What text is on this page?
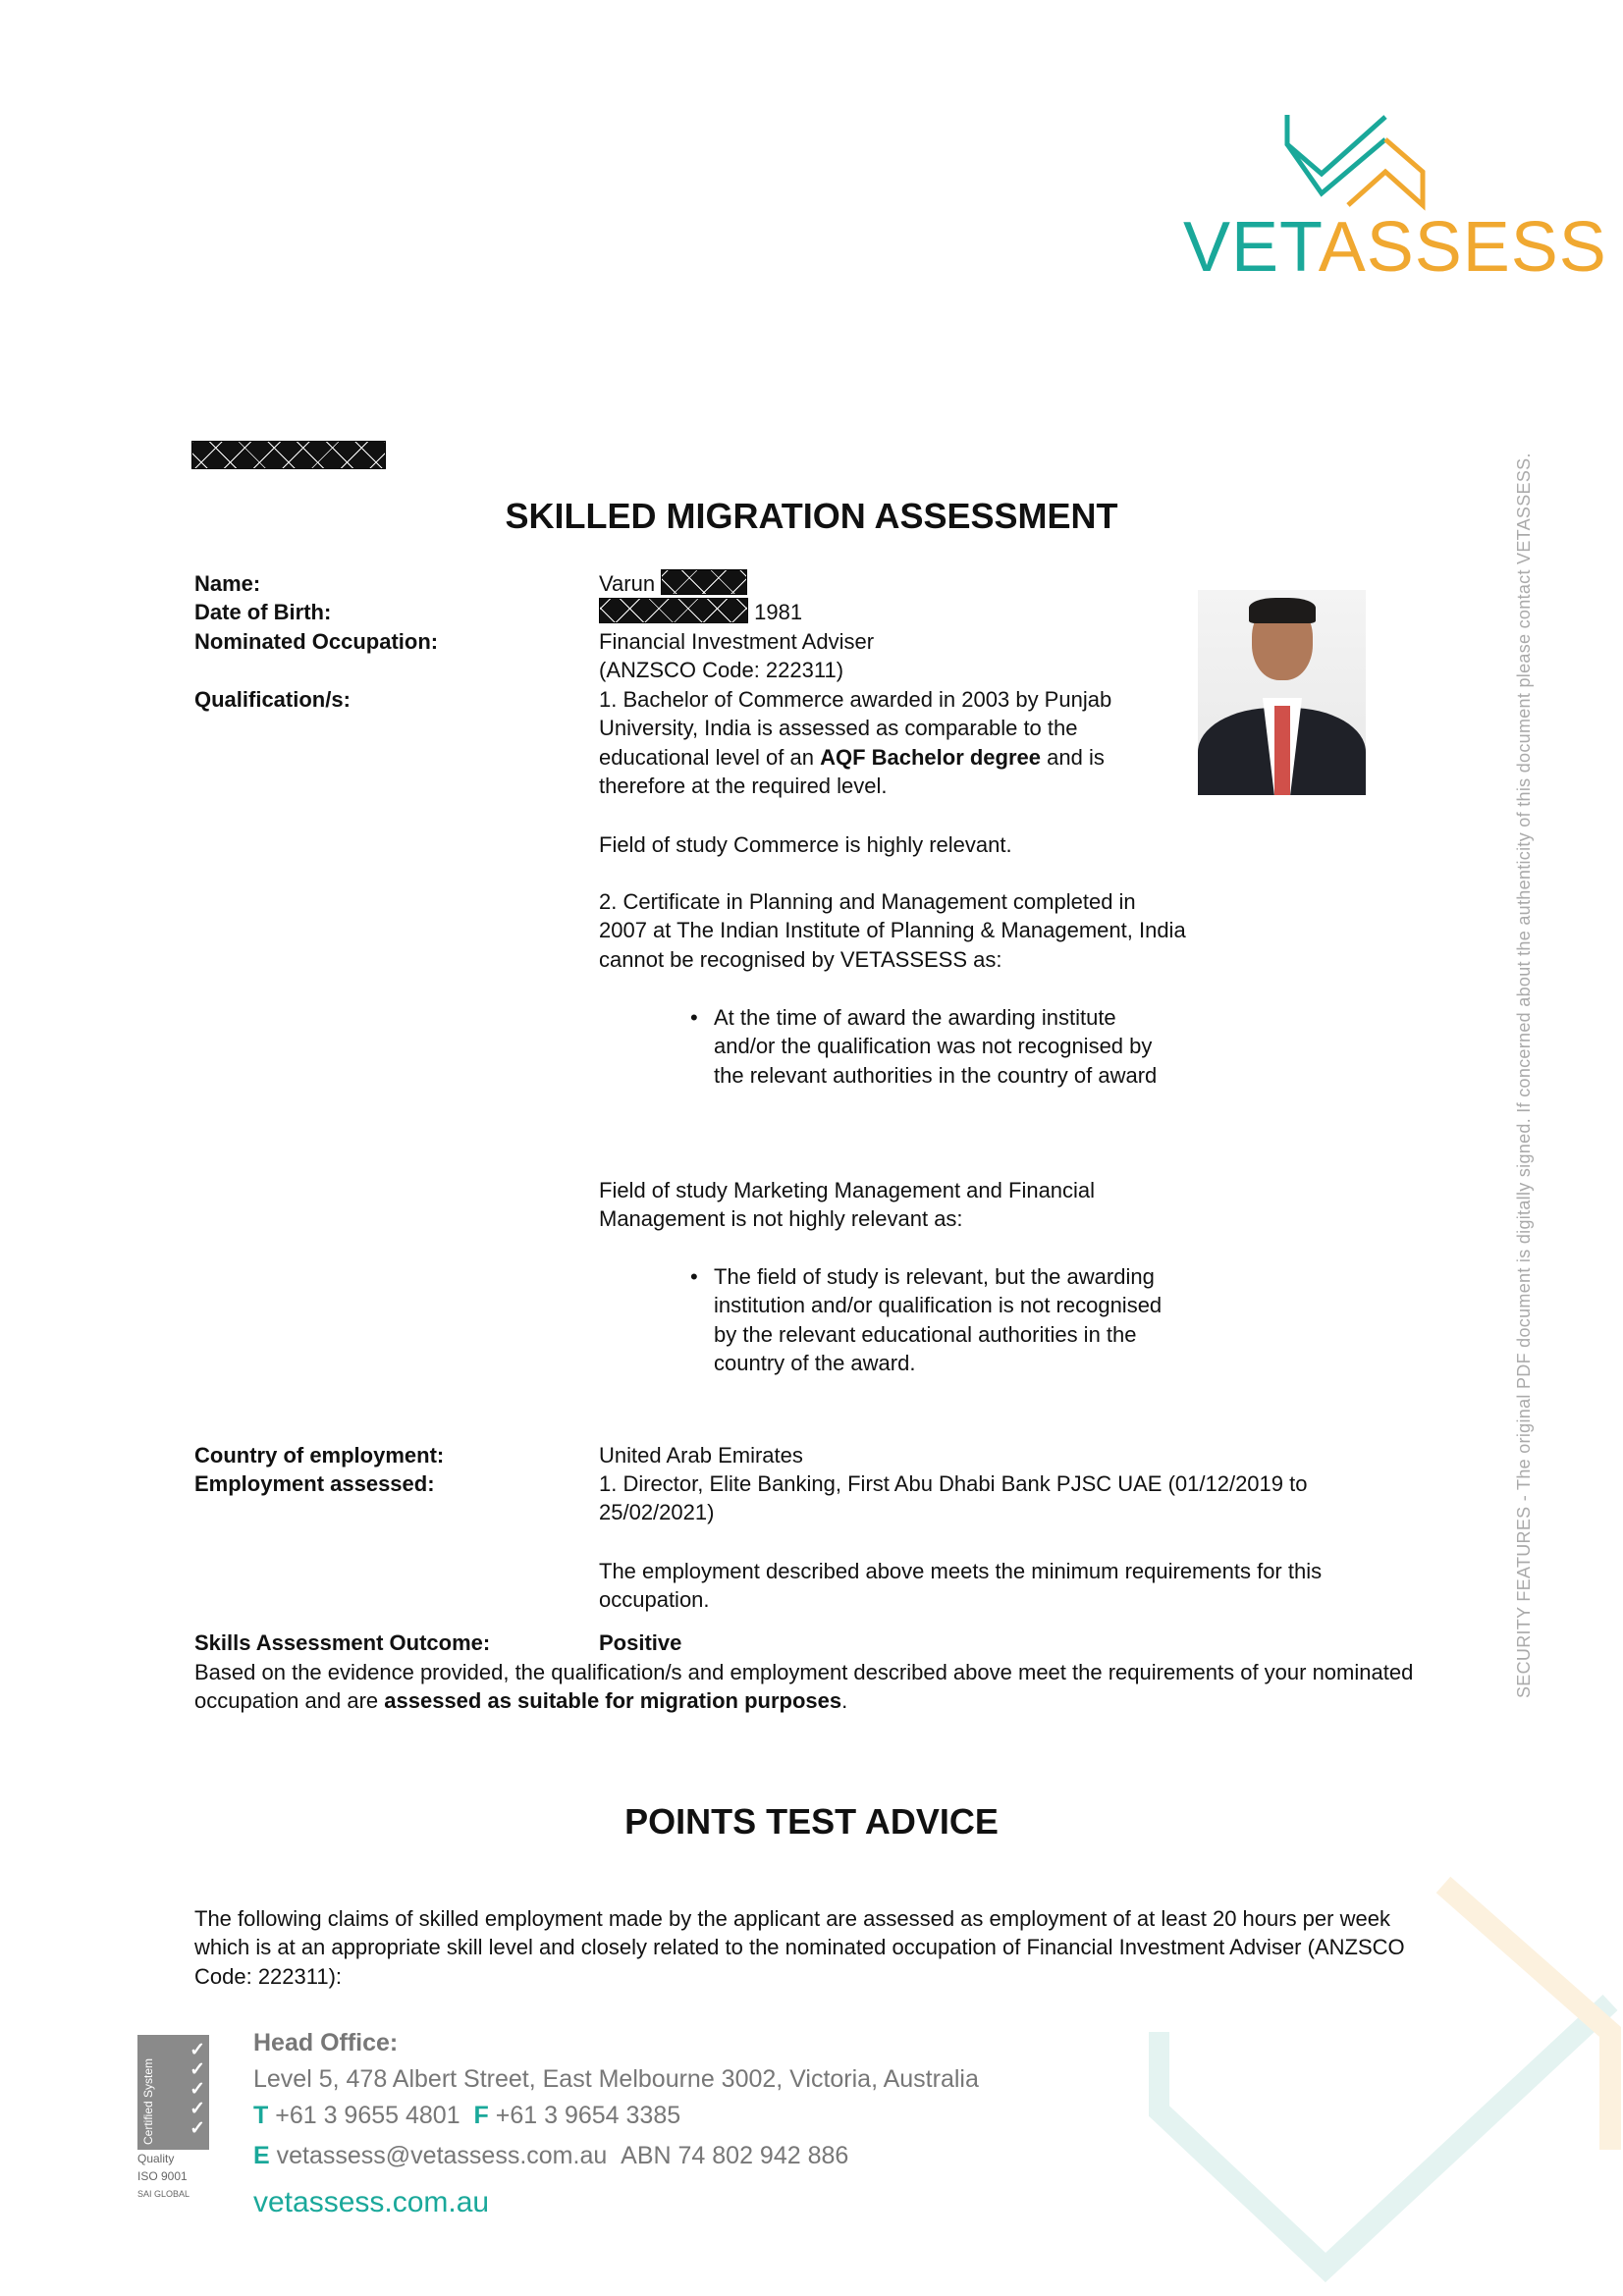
VETASSESS
SKILLED MIGRATION ASSESSMENT
Name:	Varun
Date of Birth:	1981
Nominated Occupation:	Financial Investment Adviser
(ANZSCO Code: 222311)
Qualification/s:	1. Bachelor of Commerce awarded in 2003 by Punjab University, India is assessed as comparable to the educational level of an AQF Bachelor degree and is therefore at the required level.
Field of study Commerce is highly relevant.
2. Certificate in Planning and Management completed in 2007 at The Indian Institute of Planning & Management, India cannot be recognised by VETASSESS as:
• At the time of award the awarding institute and/or the qualification was not recognised by the relevant authorities in the country of award
Field of study Marketing Management and Financial Management is not highly relevant as:
• The field of study is relevant, but the awarding institution and/or qualification is not recognised by the relevant educational authorities in the country of the award.
Country of employment:	United Arab Emirates
Employment assessed:	1. Director, Elite Banking, First Abu Dhabi Bank PJSC UAE (01/12/2019 to 25/02/2021)
The employment described above meets the minimum requirements for this occupation.
Skills Assessment Outcome:	Positive
Based on the evidence provided, the qualification/s and employment described above meet the requirements of your nominated occupation and are assessed as suitable for migration purposes.
POINTS TEST ADVICE
The following claims of skilled employment made by the applicant are assessed as employment of at least 20 hours per week which is at an appropriate skill level and closely related to the nominated occupation of Financial Investment Adviser (ANZSCO Code: 222311):
SECURITY FEATURES - The original PDF document is digitally signed. If concerned about the authenticity of this document please contact VETASSESS.
Certified System
✓
✓
✓
✓
✓
Quality
ISO 9001
SAI GLOBAL
Head Office:
Level 5, 478 Albert Street, East Melbourne 3002, Victoria, Australia
T +61 3 9655 4801 F +61 3 9654 3385
E vetassess@vetassess.com.au ABN 74 802 942 886
vetassess.com.au
